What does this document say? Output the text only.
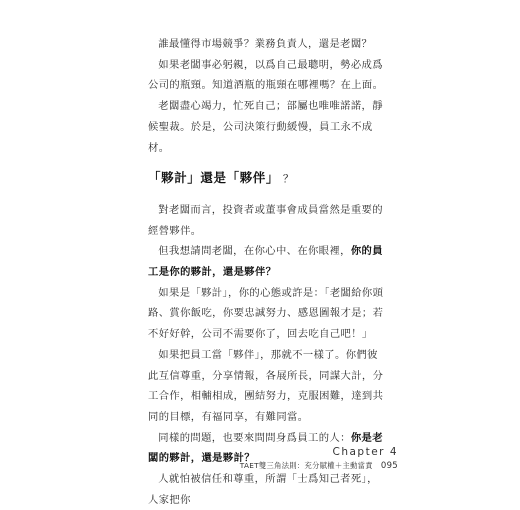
誰最懂得市場競爭？業務負責人，還是老闆？

如果老闆事必躬親，以爲自己最聰明，勢必成爲公司的瓶頸。知道酒瓶的瓶頸在哪裡嗎？在上面。

老闆盡心竭力，忙死自己；部屬也唯唯諾諾，靜候聖裁。於是，公司決策行動緩慢，員工永不成材。

「夥計」還是「夥伴」 ？

對老闆而言，投資者或董事會成員當然是重要的經營夥伴。

但我想請問老闆，在你心中、在你眼裡，你的員工是你的夥計，還是夥伴？

如果是「夥計」，你的心態或許是：「老闆給你頭路、賞你飯吃，你要忠誠努力、感恩圖報才是；若不好好幹，公司不需要你了，回去吃自己吧！」

如果把員工當「夥伴」，那就不一樣了。你們彼此互信尊重，分享情報，各展所長，同謀大計，分工合作，相輔相成，團結努力，克服困難，達到共同的目標，有福同享，有難同當。

同樣的問題，也要來問問身爲員工的人：你是老闆的夥計，還是夥計？

人就怕被信任和尊重，所謂「士爲知己者死」，人家把你

Chapter 4
TAET雙三角法則：充分賦權＋主動當責 095
